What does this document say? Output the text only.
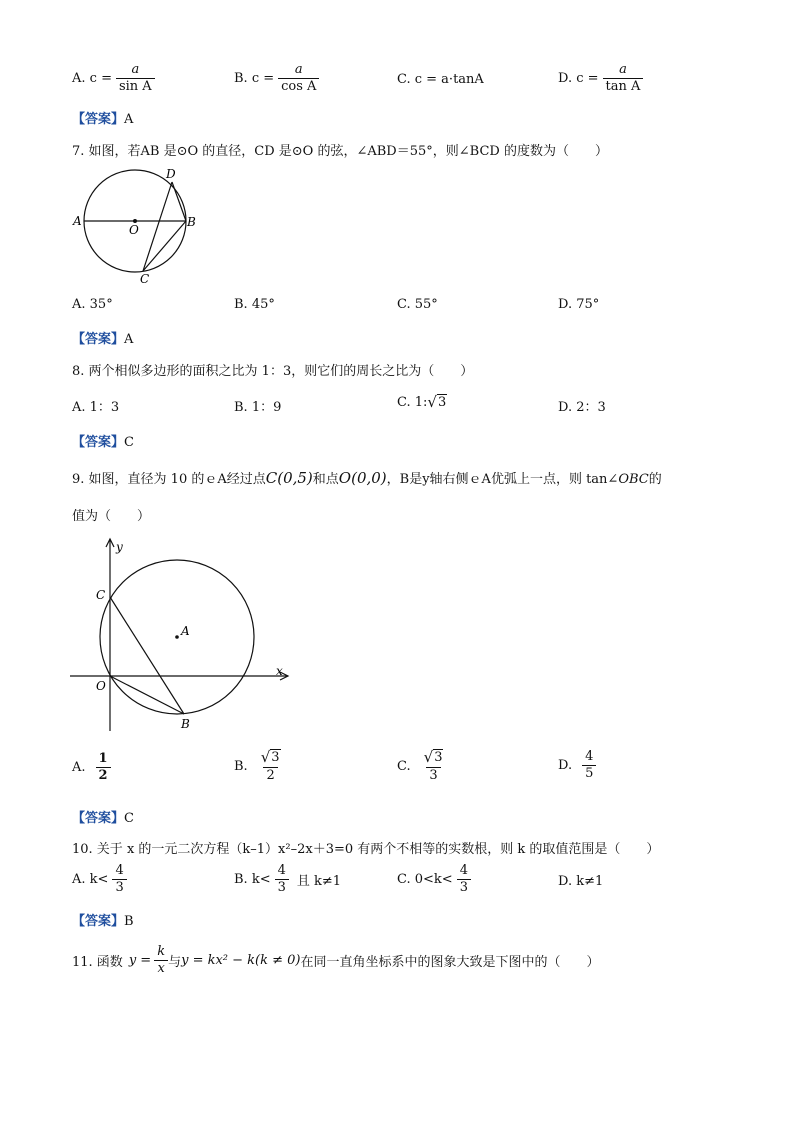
A. $c = \frac{a}{\text{sin A}}$	B. $c = \frac{a}{\text{cos A}}$	C. c = a·tanA	D. $c = \frac{a}{\text{tan A}}$
【答案】A
7. 如图，若AB 是⊙O 的直径，CD 是⊙O 的弦，∠ABD＝55°，则∠BCD 的度数为（　　）
A	B
C
D
O
A. 35°	B. 45°	C. 55°	D. 75°
【答案】A
8. 两个相似多边形的面积之比为 1：3，则它们的周长之比为（　　）
A. 1：3	B. 1：9	C. 1: √ 3	D. 2：3
【答案】C
9. 如图，直径为 10 的ｅA经过点C(0,5)和点O(0,0)，B是y轴右侧ｅA优弧上一点，则 tan∠OBC的
值为（　　）
y
x
C
A
O
B
A. $\frac{1}{2}$	B. $\frac{√ 3}{2}$	C. $\frac{√ 3}{3}$	D. $\frac{4}{5}$
【答案】C
10. 关于 x 的一元二次方程（k–1）x²–2x＋3=0 有两个不相等的实数根，则 k 的取值范围是（　　）
A. $k< \frac{4}{3}$	B. $k< \frac{4}{3}$ 且 k≠1	C. $0<k< \frac{4}{3}$	D. k≠1
【答案】B
11. 函数 $y = \frac{k}{x}$ 与 y = kx² − k(k ≠ 0) 在同一直角坐标系中的图象大致是下图中的（　　）
